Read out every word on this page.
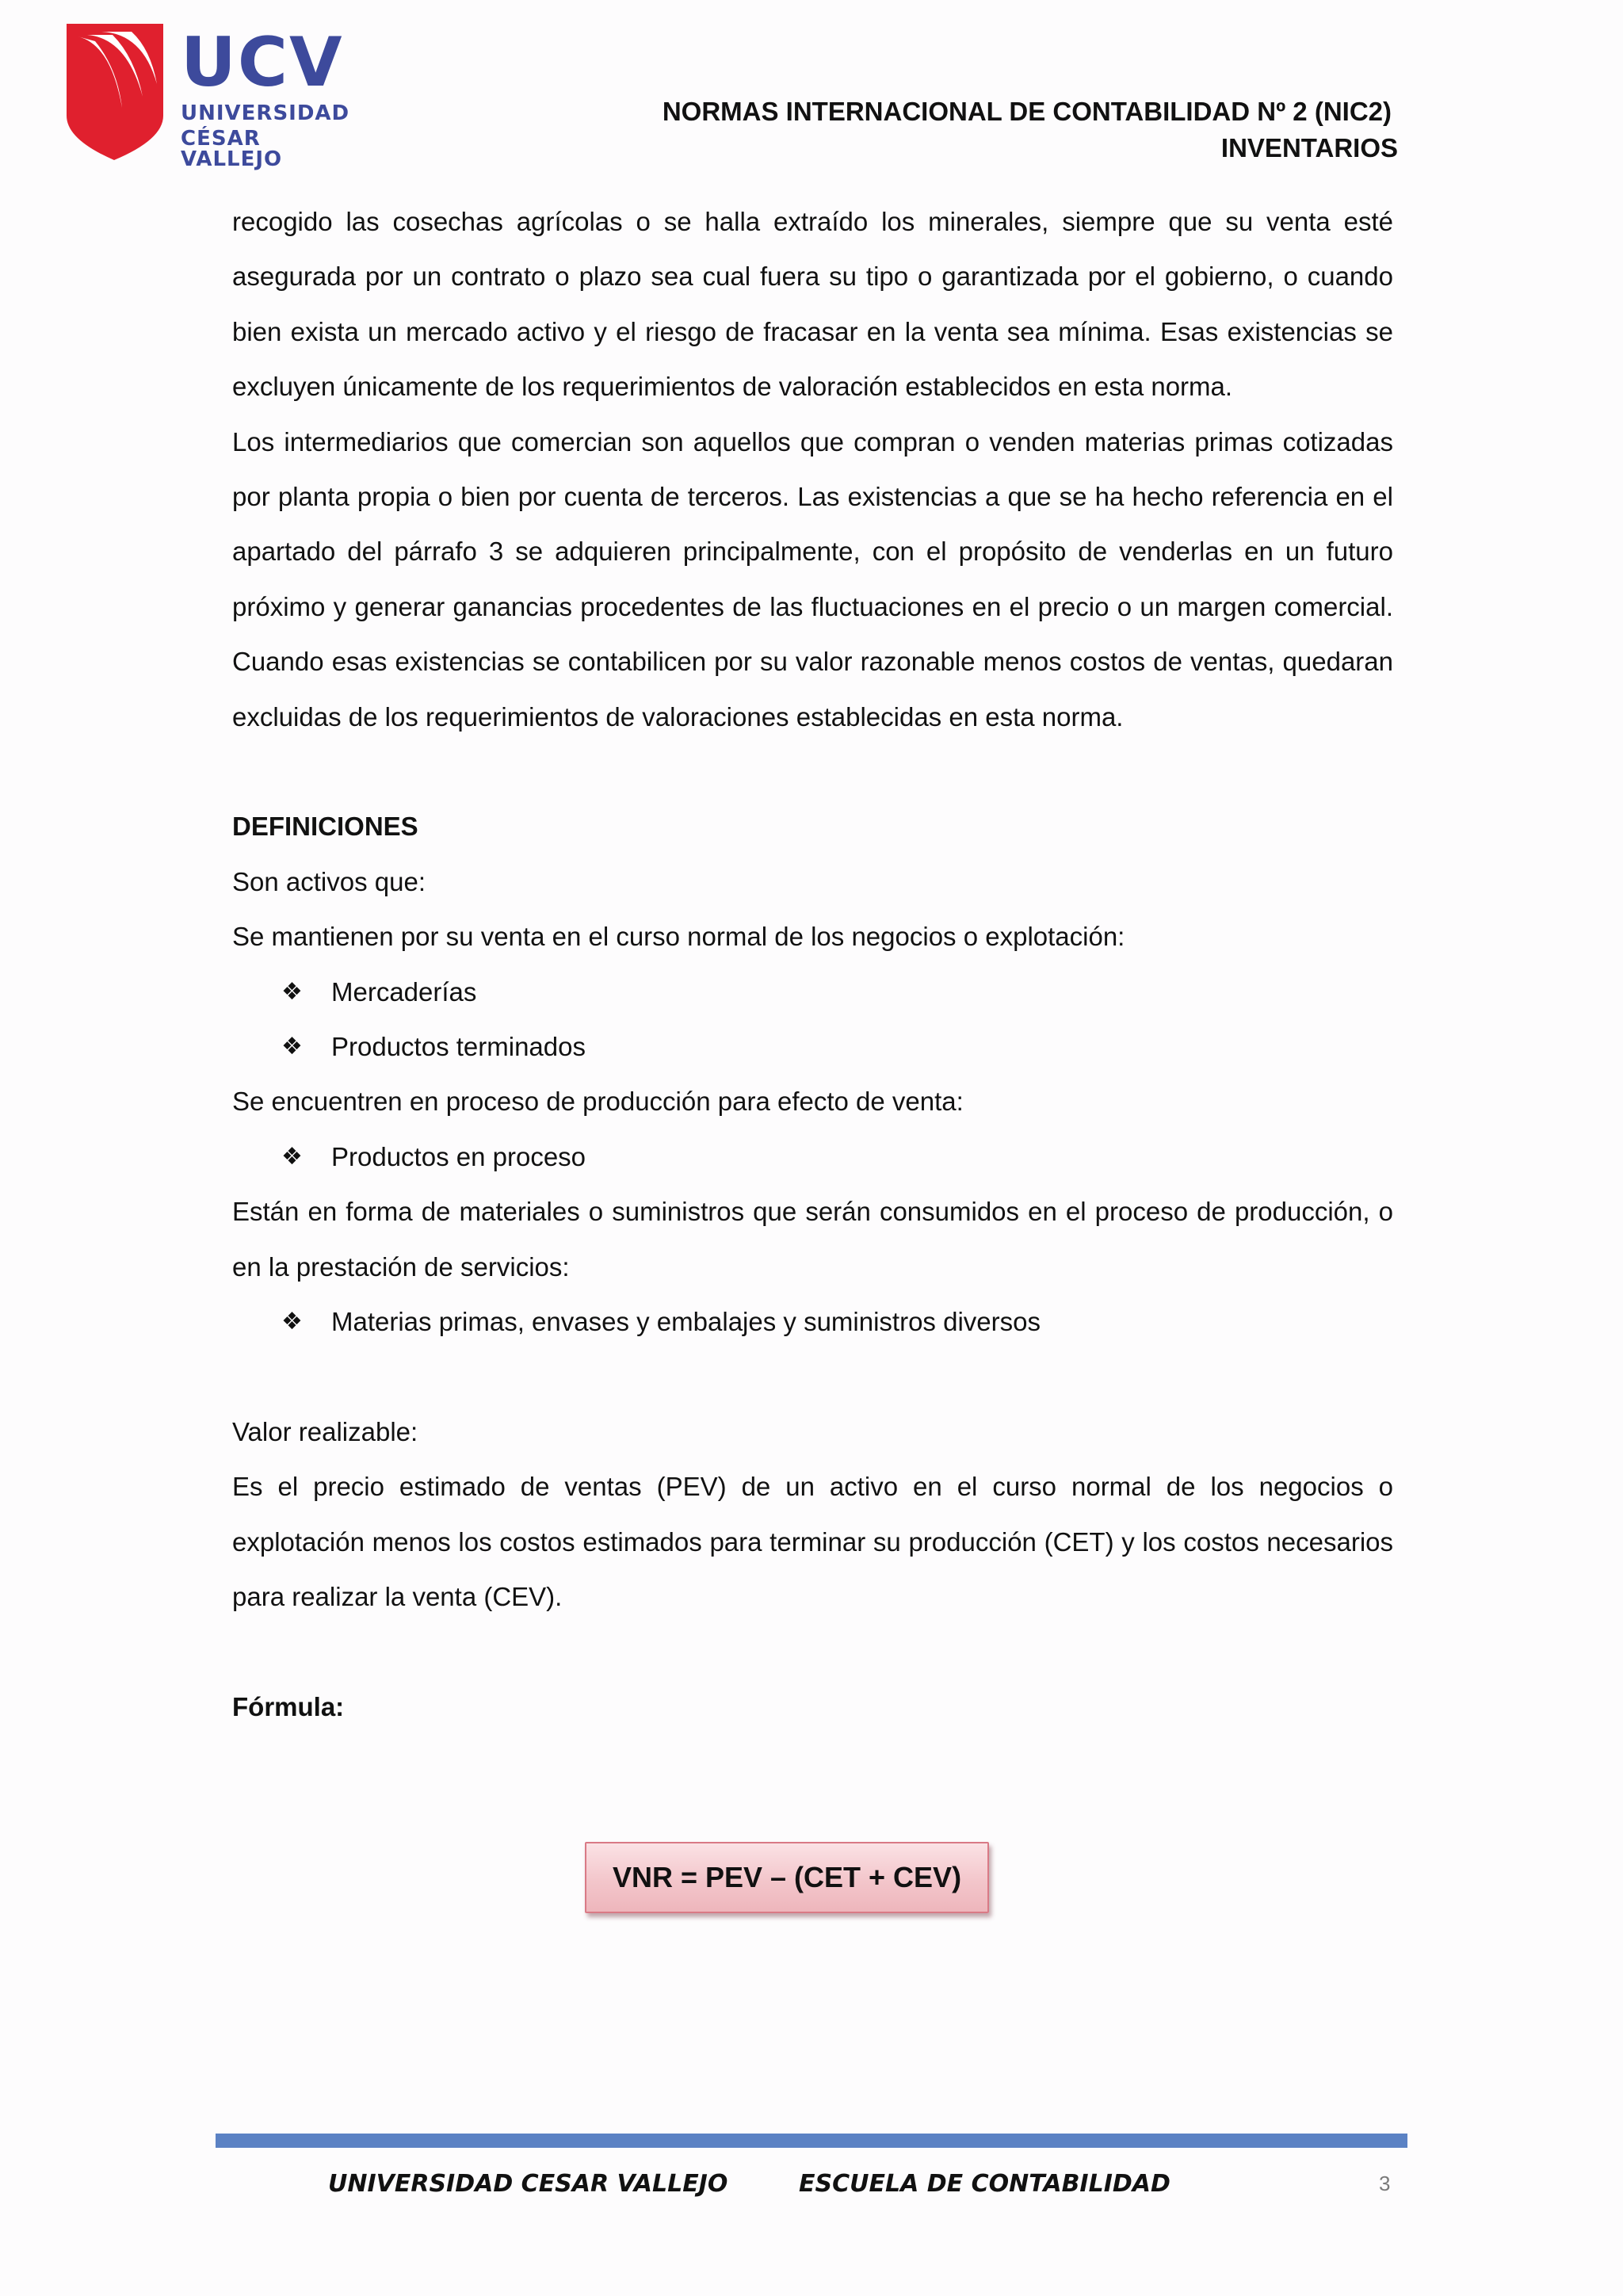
UCV
UNIVERSIDAD
CÉSAR VALLEJO
NORMAS INTERNACIONAL DE CONTABILIDAD Nº 2 (NIC2)
INVENTARIOS

recogido las cosechas agrícolas o se halla extraído los minerales, siempre que su venta esté asegurada por un contrato o plazo sea cual fuera su tipo o garantizada por el gobierno, o cuando bien exista un mercado activo y el riesgo de fracasar en la venta sea mínima. Esas existencias se excluyen únicamente de los requerimientos de valoración establecidos en esta norma.

Los intermediarios que comercian son aquellos que compran o venden materias primas cotizadas por planta propia o bien por cuenta de terceros. Las existencias a que se ha hecho referencia en el apartado del párrafo 3 se adquieren principalmente, con el propósito de venderlas en un futuro próximo y generar ganancias procedentes de las fluctuaciones en el precio o un margen comercial. Cuando esas existencias se contabilicen por su valor razonable menos costos de ventas, quedaran excluidas de los requerimientos de valoraciones establecidas en esta norma.

DEFINICIONES

Son activos que:

Se mantienen por su venta en el curso normal de los negocios o explotación:

❖ Mercaderías
❖ Productos terminados

Se encuentren en proceso de producción para efecto de venta:

❖ Productos en proceso

Están en forma de materiales o suministros que serán consumidos en el proceso de producción, o en la prestación de servicios:

❖ Materias primas, envases y embalajes y suministros diversos

Valor realizable:

Es el precio estimado de ventas (PEV) de un activo en el curso normal de los negocios o explotación menos los costos estimados para terminar su producción (CET) y los costos necesarios para realizar la venta (CEV).

Fórmula:

VNR = PEV – (CET + CEV)
UNIVERSIDAD CESAR VALLEJO	ESCUELA DE CONTABILIDAD	3
